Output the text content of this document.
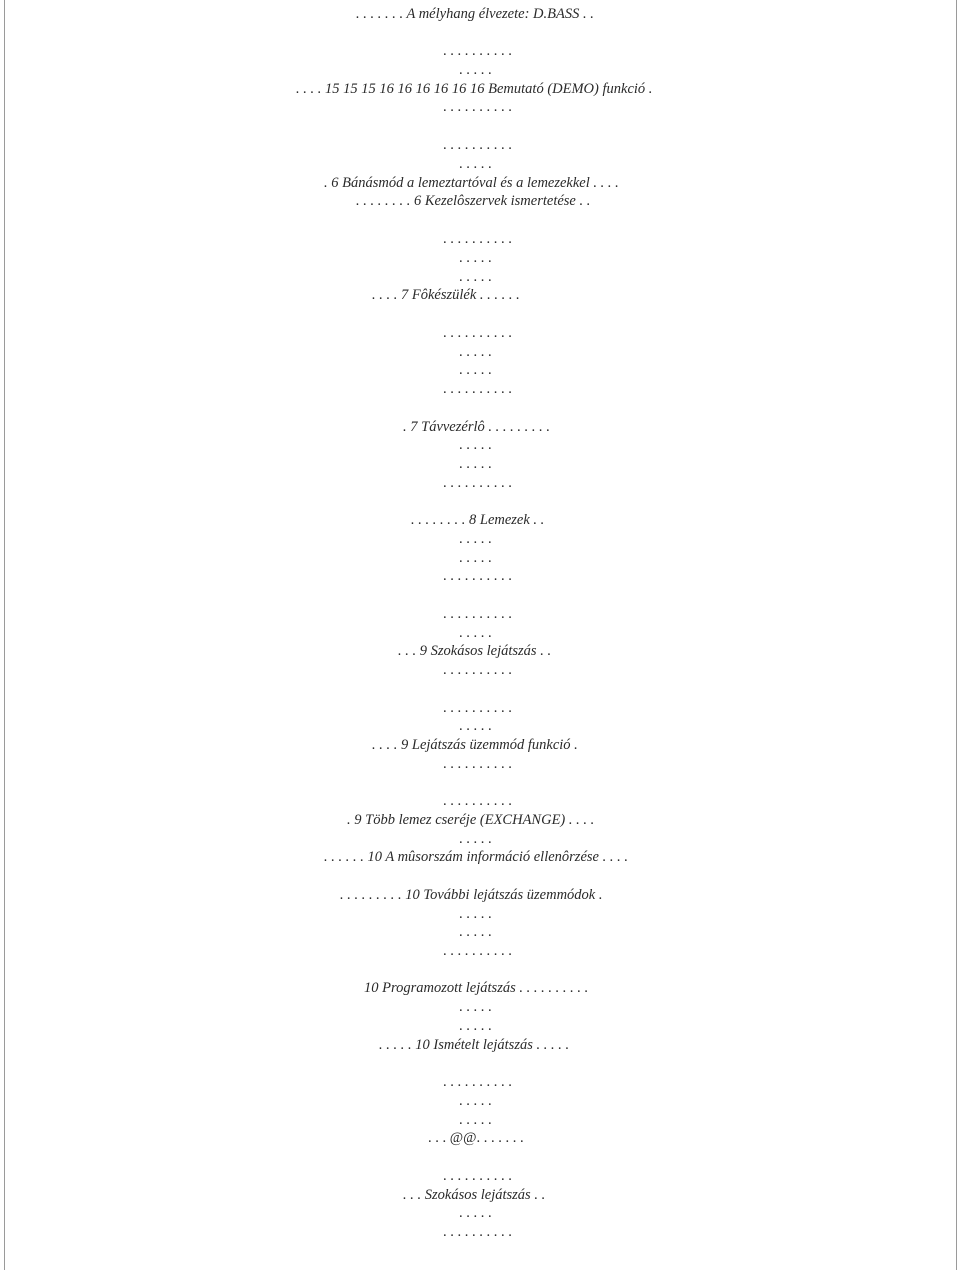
. . . . . . . A mélyhang élvezete: D.BASS . .
. . . . . . . . . .
. . . . .
. . . . 15 15 15 16 16 16 16 16 16 Bemutató (DEMO) funkció .
. . . . . . . . . .
. . . . . . . . . .
. . . . .
. 6 Bánásmód a lemeztartóval és a lemezekkel . . . .
. . . . . . . . 6 Kezelôszervek ismertetése . .
. . . . . . . . . .
. . . . .
. . . . .
. . . . 7 Fôkészülék . . . . . .
. . . . . . . . . .
. . . . .
. . . . .
. . . . . . . . . .
. 7 Távvezérlô . . . . . . . . .
. . . . .
. . . . .
. . . . . . . . . .
. . . . . . . . 8 Lemezek . .
. . . . .
. . . . .
. . . . . . . . . .
. . . . . . . . . .
. . . . .
. . . 9 Szokásos lejátszás . .
. . . . . . . . . .
. . . . . . . . . .
. . . . .
. . . . 9 Lejátszás üzemmód funkció .
. . . . . . . . . .
. . . . . . . . . .
. 9 Több lemez cseréje (EXCHANGE) . . . .
. . . . .
. . . . . . 10 A mûsorszám információ ellenôrzése . . . .
. . . . . . . . . 10 További lejátszás üzemmódok .
. . . . .
. . . . .
. . . . . . . . . .
10 Programozott lejátszás . . . . . . . . . .
. . . . .
. . . . .
. . . . . 10 Ismételt lejátszás . . . . .
. . . . . . . . . .
. . . . .
. . . . .
. . . @@. . . . . . .
. . . . . . . . . .
. . . Szokásos lejátszás . .
. . . . .
. . . . . . . . . .
